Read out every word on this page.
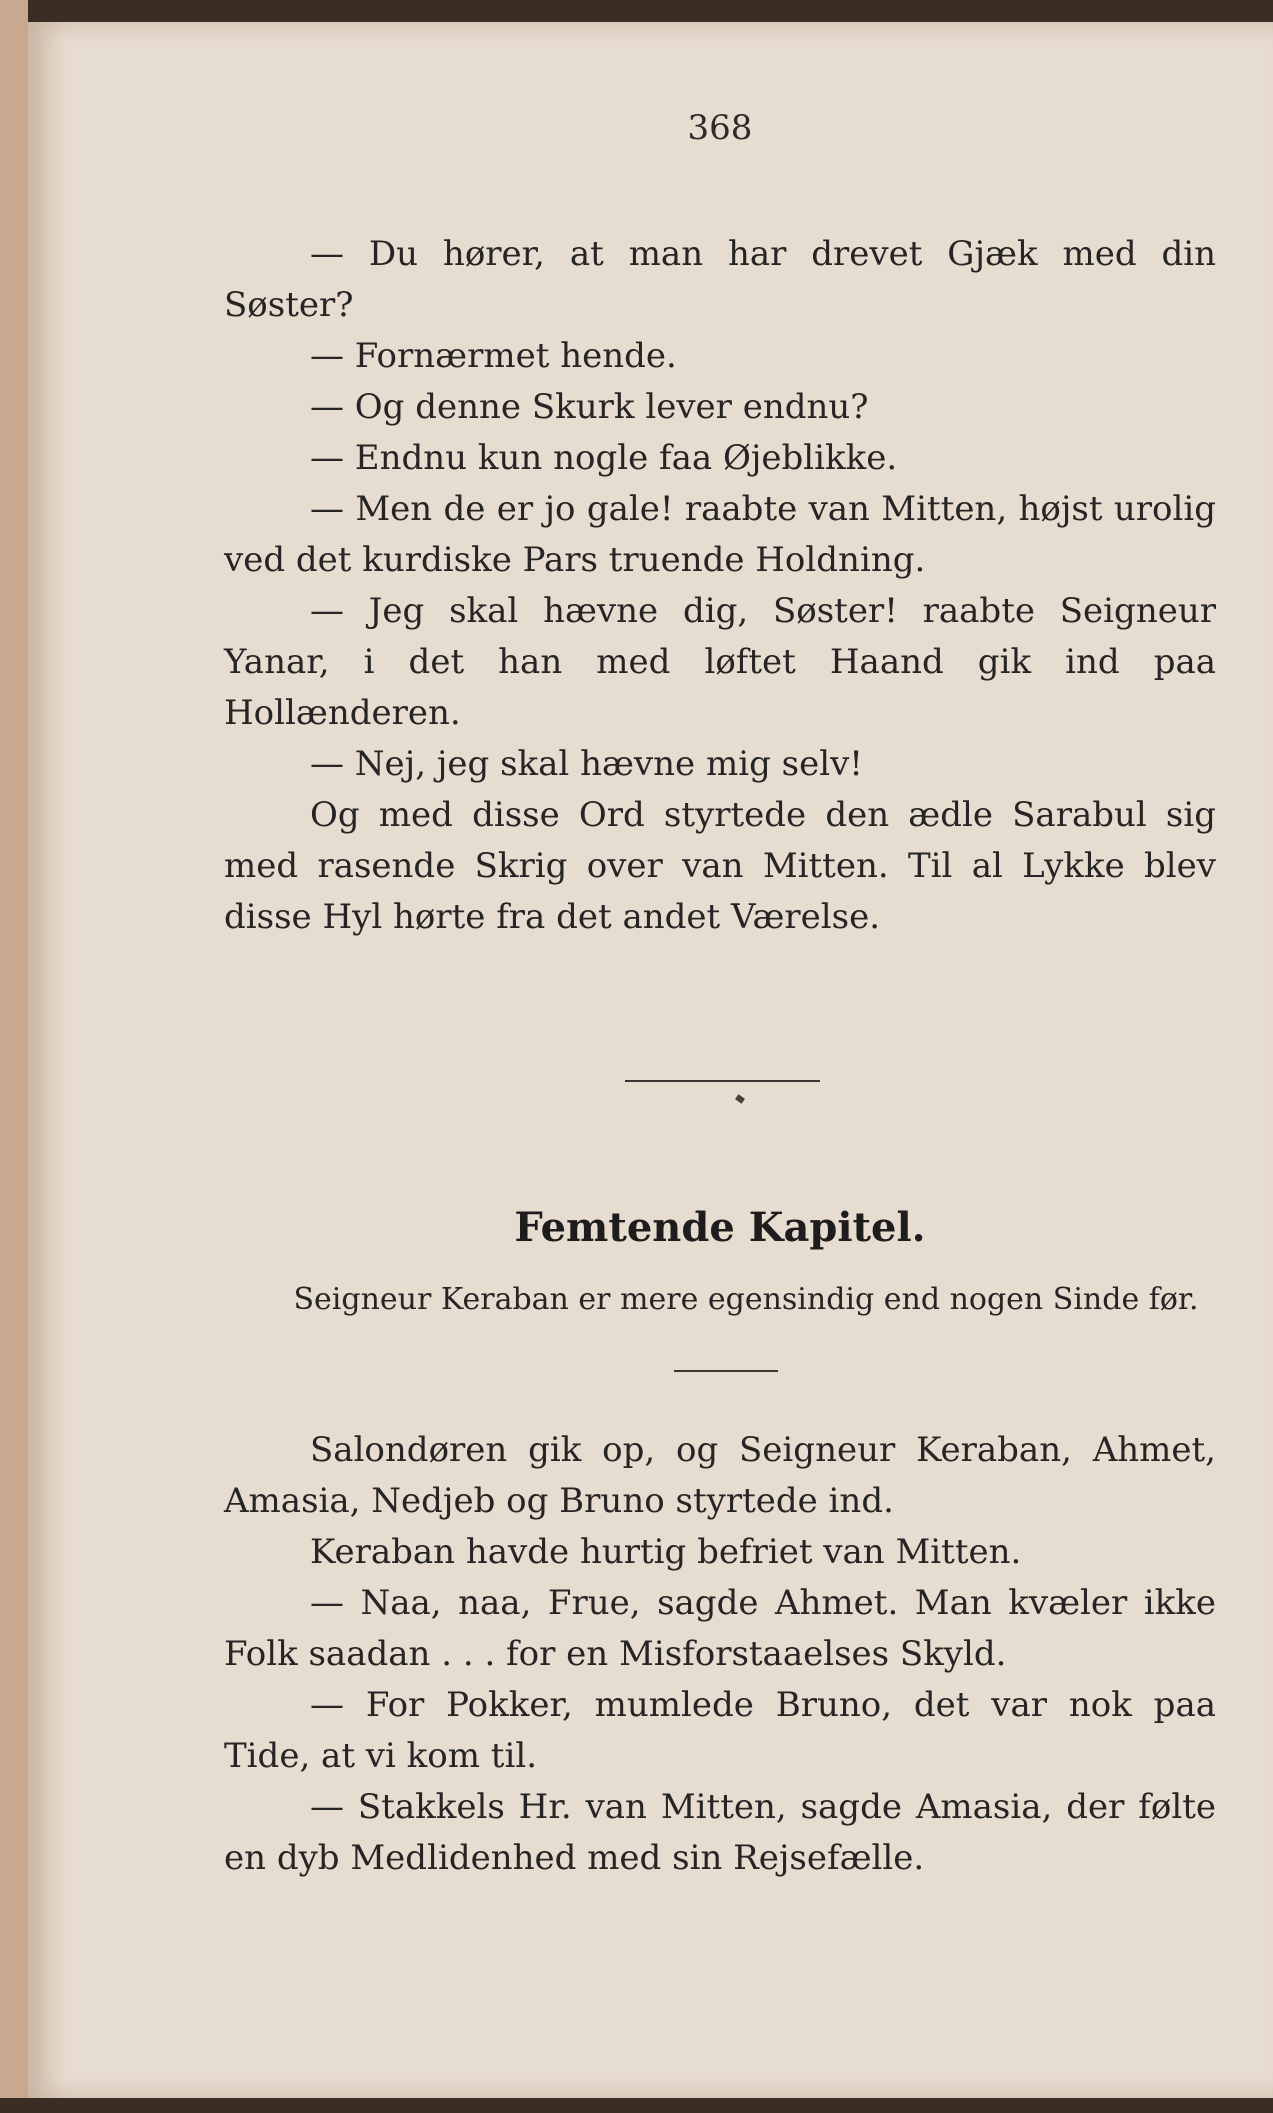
368

— Du hører, at man har drevet Gjæk med din Søster?

— Fornærmet hende.

— Og denne Skurk lever endnu?

— Endnu kun nogle faa Øjeblikke.

— Men de er jo gale! raabte van Mitten, højst urolig ved det kurdiske Pars truende Holdning.

— Jeg skal hævne dig, Søster! raabte Seigneur Yanar, i det han med løftet Haand gik ind paa Hollænderen.

— Nej, jeg skal hævne mig selv!

Og med disse Ord styrtede den ædle Sarabul sig med rasende Skrig over van Mitten. Til al Lykke blev disse Hyl hørte fra det andet Værelse.

Femtende Kapitel.
Seigneur Keraban er mere egensindig end nogen Sinde før.

Salondøren gik op, og Seigneur Keraban, Ahmet, Amasia, Nedjeb og Bruno styrtede ind.

Keraban havde hurtig befriet van Mitten.

— Naa, naa, Frue, sagde Ahmet. Man kvæler ikke Folk saadan . . . for en Misforstaaelses Skyld.

— For Pokker, mumlede Bruno, det var nok paa Tide, at vi kom til.

— Stakkels Hr. van Mitten, sagde Amasia, der følte en dyb Medlidenhed med sin Rejsefælle.
